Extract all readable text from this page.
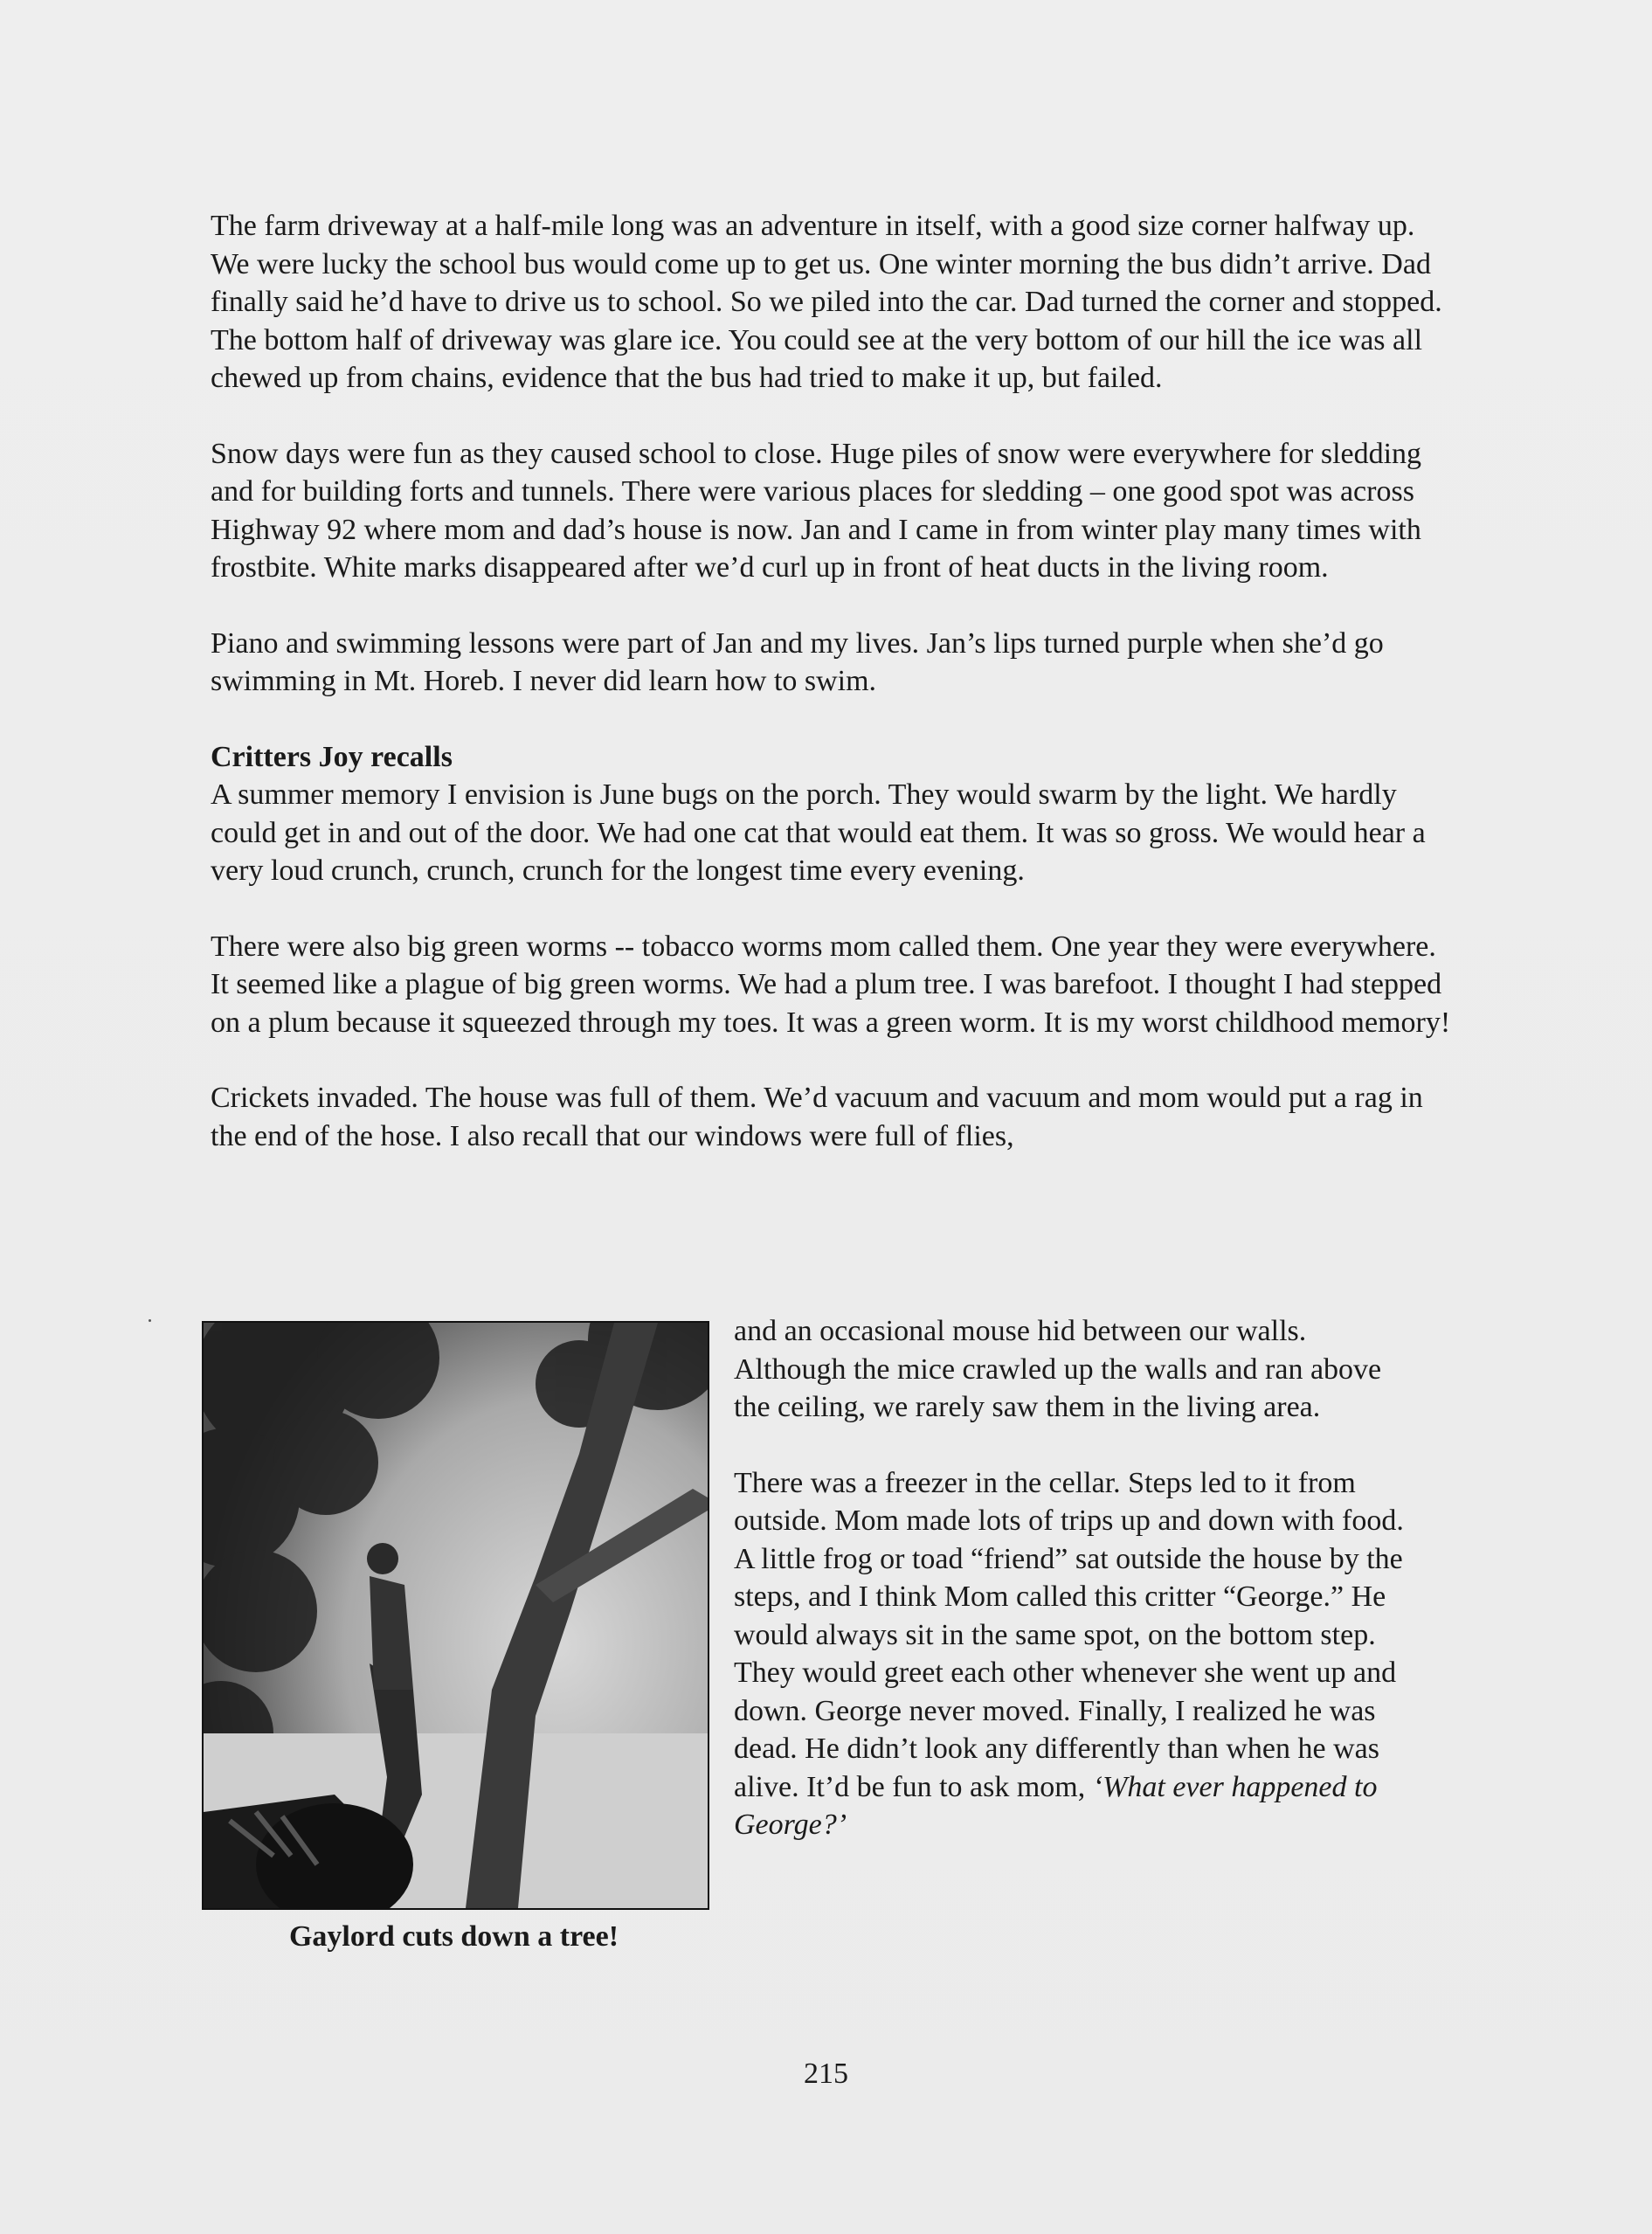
The farm driveway at a half-mile long was an adventure in itself, with a good size corner halfway up. We were lucky the school bus would come up to get us. One winter morning the bus didn’t arrive. Dad finally said he’d have to drive us to school. So we piled into the car. Dad turned the corner and stopped. The bottom half of driveway was glare ice. You could see at the very bottom of our hill the ice was all chewed up from chains, evidence that the bus had tried to make it up, but failed.

Snow days were fun as they caused school to close. Huge piles of snow were everywhere for sledding and for building forts and tunnels. There were various places for sledding – one good spot was across Highway 92 where mom and dad’s house is now. Jan and I came in from winter play many times with frostbite. White marks disappeared after we’d curl up in front of heat ducts in the living room.

Piano and swimming lessons were part of Jan and my lives. Jan’s lips turned purple when she’d go swimming in Mt. Horeb. I never did learn how to swim.

Critters Joy recalls

A summer memory I envision is June bugs on the porch. They would swarm by the light. We hardly could get in and out of the door. We had one cat that would eat them. It was so gross. We would hear a very loud crunch, crunch, crunch for the longest time every evening.

There were also big green worms -- tobacco worms mom called them. One year they were everywhere. It seemed like a plague of big green worms. We had a plum tree. I was barefoot. I thought I had stepped on a plum because it squeezed through my toes. It was a green worm. It is my worst childhood memory!

Crickets invaded. The house was full of them. We’d vacuum and vacuum and mom would put a rag in the end of the hose. I also recall that our windows were full of flies,

Gaylord cuts down a tree!

and an occasional mouse hid between our walls. Although the mice crawled up the walls and ran above the ceiling, we rarely saw them in the living area.

There was a freezer in the cellar. Steps led to it from outside. Mom made lots of trips up and down with food. A little frog or toad “friend” sat outside the house by the steps, and I think Mom called this critter “George.” He would always sit in the same spot, on the bottom step. They would greet each other whenever she went up and down. George never moved. Finally, I realized he was dead. He didn’t look any differently than when he was alive. It’d be fun to ask mom, ‘What ever happened to George?’

215
